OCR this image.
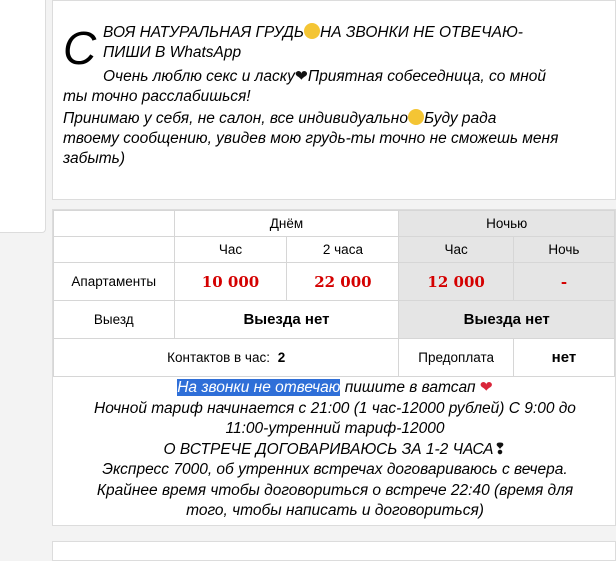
С ВОЯ НАТУРАЛЬНАЯ ГРУДЬ НА ЗВОНКИ НЕ ОТВЕЧАЮ-
ПИШИ В WhatsApp
Очень люблю секс и ласку❤Приятная собеседница, со мной
ты точно расслабишься!
Принимаю у себя, не салон, все индивидуально Буду рада
твоему сообщению, увидев мою грудь-ты точно не сможешь меня
забыть)
	Днём		Ночью	
	Час	2 часа	Час	Ночь
Апартаменты	10 000	22 000	12 000	-
Выезд	Выезда нет		Выезда нет	
Контактов в час: 2			Предоплата	нет
На звонки не отвечаю пишите в ватсап ❤
Ночной тариф начинается с 21:00 (1 час-12000 рублей) С 9:00 до
11:00-утренний тариф-12000
О ВСТРЕЧЕ ДОГОВАРИВАЮСЬ ЗА 1-2 ЧАСА❢
Экспресс 7000, об утренних встречах договариваюсь с вечера.
Крайнее время чтобы договориться о встрече 22:40 (время для
того, чтобы написать и договориться)
